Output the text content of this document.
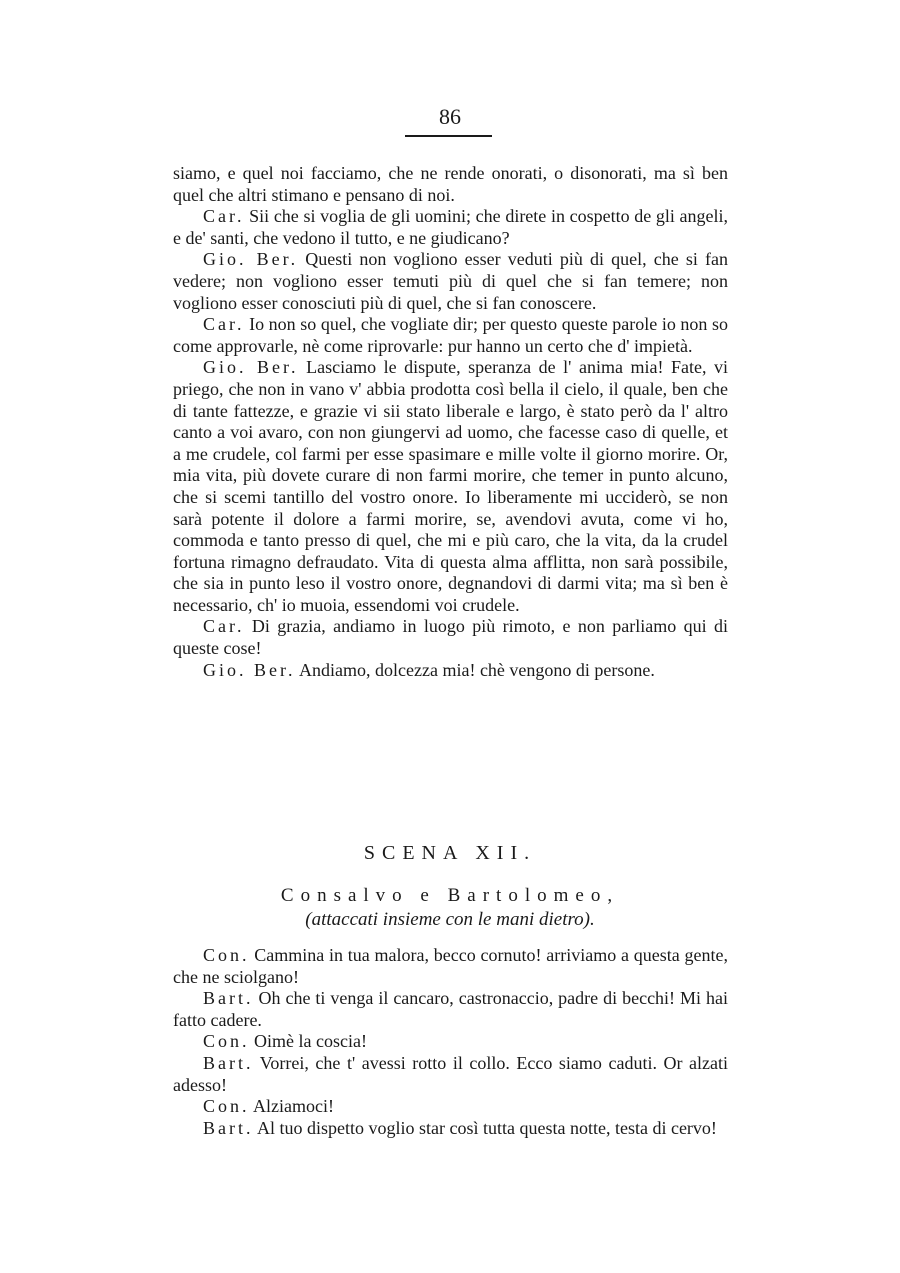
86

siamo, e quel noi facciamo, che ne rende onorati, o disonorati, ma sì ben quel che altri stimano e pensano di noi.

Car. Sii che si voglia de gli uomini; che direte in cospetto de gli angeli, e de' santi, che vedono il tutto, e ne giudicano?

Gio. Ber. Questi non vogliono esser veduti più di quel, che si fan vedere; non vogliono esser temuti più di quel che si fan temere; non vogliono esser conosciuti più di quel, che si fan conoscere.

Car. Io non so quel, che vogliate dir; per questo queste parole io non so come approvarle, nè come riprovarle: pur hanno un certo che d' impietà.

Gio. Ber. Lasciamo le dispute, speranza de l' anima mia! Fate, vi priego, che non in vano v' abbia prodotta così bella il cielo, il quale, ben che di tante fattezze, e grazie vi sii stato liberale e largo, è stato però da l' altro canto a voi avaro, con non giungervi ad uomo, che facesse caso di quelle, et a me crudele, col farmi per esse spasimare e mille volte il giorno morire. Or, mia vita, più dovete curare di non farmi morire, che temer in punto alcuno, che si scemi tantillo del vostro onore. Io liberamente mi ucciderò, se non sarà potente il dolore a farmi morire, se, avendovi avuta, come vi ho, commoda e tanto presso di quel, che mi e più caro, che la vita, da la crudel fortuna rimagno defraudato. Vita di questa alma afflitta, non sarà possibile, che sia in punto leso il vostro onore, degnandovi di darmi vita; ma sì ben è necessario, ch' io muoia, essendomi voi crudele.

Car. Di grazia, andiamo in luogo più rimoto, e non parliamo qui di queste cose!

Gio. Ber. Andiamo, dolcezza mia! chè vengono di persone.

SCENA XII.
Consalvo e Bartolomeo,
(attaccati insieme con le mani dietro).

Con. Cammina in tua malora, becco cornuto! arriviamo a questa gente, che ne sciolgano!

Bart. Oh che ti venga il cancaro, castronaccio, padre di becchi! Mi hai fatto cadere.

Con. Oimè la coscia!

Bart. Vorrei, che t' avessi rotto il collo. Ecco siamo caduti. Or alzati adesso!

Con. Alziamoci!

Bart. Al tuo dispetto voglio star così tutta questa notte, testa di cervo!
